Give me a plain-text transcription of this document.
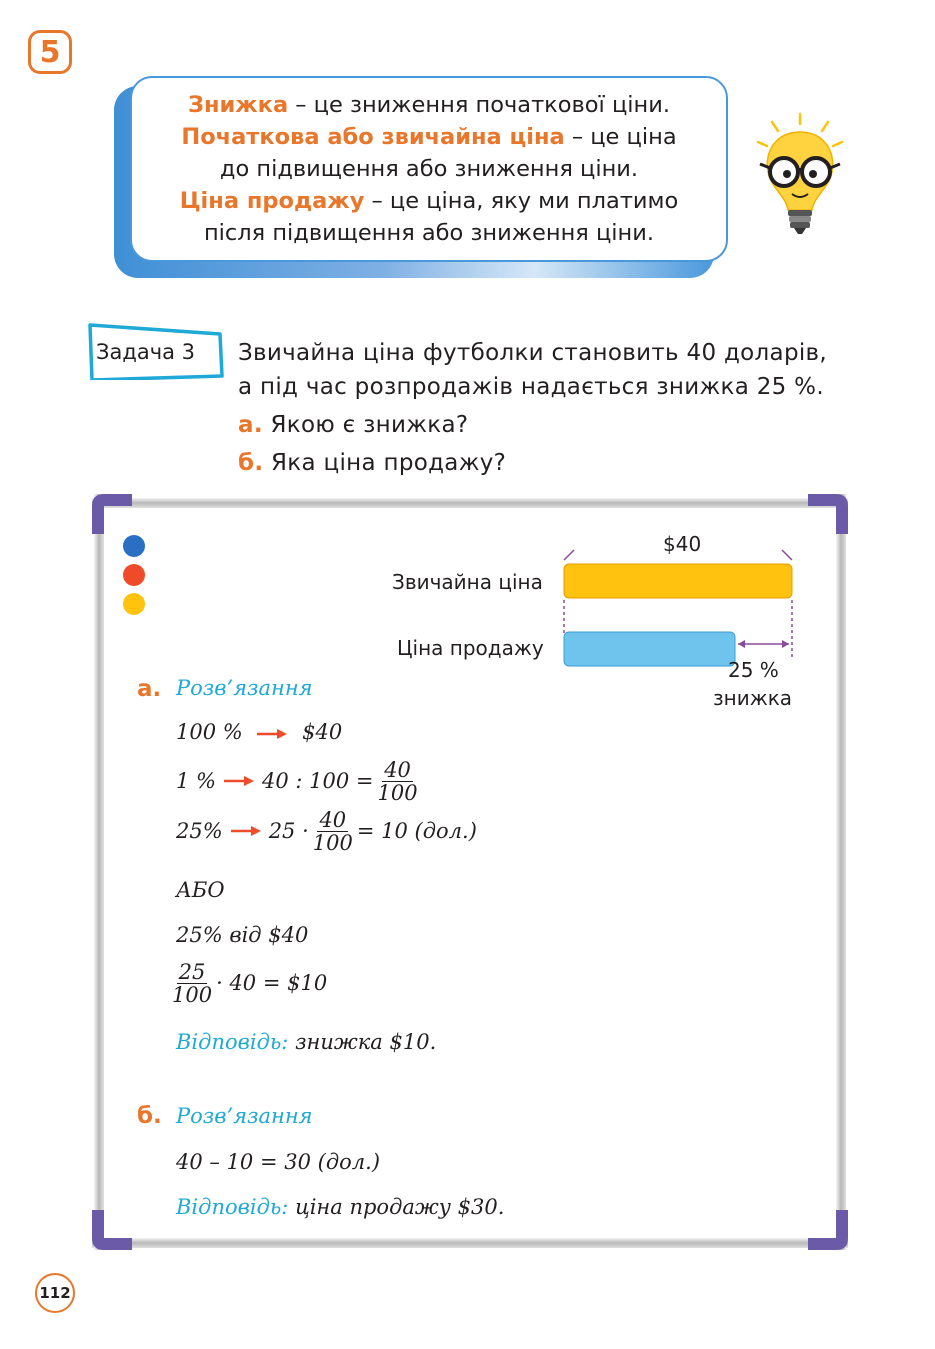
5
Знижка – це зниження початкової ціни.
Початкова або звичайна ціна – це ціна
до підвищення або зниження ціни.
Ціна продажу – це ціна, яку ми платимо
після підвищення або зниження ціни.
Задача 3 Звичайна ціна футболки становить 40 доларів,
а під час розпродажів надається знижка 25 %.
а. Якою є знижка?
б. Яка ціна продажу?
$40
Звичайна ціна
Ціна продажу
25 %
знижка
а. Розв’язання
100 %	$40
1 % 40 : $100 = \frac{40}{100}$
25% $25 \cdot \frac{40}{100} = 10$ (дол.)
АБО
25% від $40
$\frac{25}{100} \cdot 40$ = $10
Відповідь: знижка $10.
б. Розв’язання
40 – 10 = 30 (дол.)
Відповідь: ціна продажу $30.
112
